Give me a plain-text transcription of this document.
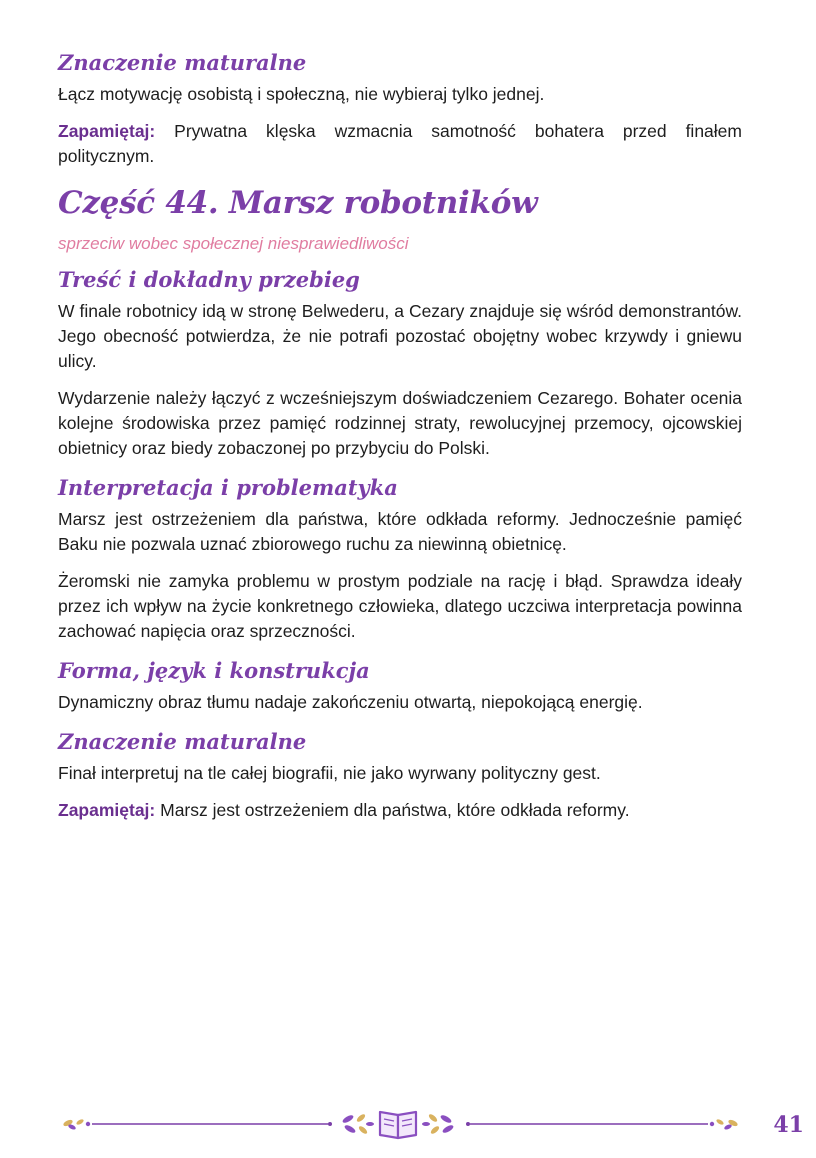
Znaczenie maturalne

Łącz motywację osobistą i społeczną, nie wybieraj tylko jednej.

Zapamiętaj: Prywatna klęska wzmacnia samotność bohatera przed finałem politycznym.

Część 44. Marsz robotników
sprzeciw wobec społecznej niesprawiedliwości
Treść i dokładny przebieg

W finale robotnicy idą w stronę Belwederu, a Cezary znajduje się wśród demonstrantów. Jego obecność potwierdza, że nie potrafi pozostać obojętny wobec krzywdy i gniewu ulicy.

Wydarzenie należy łączyć z wcześniejszym doświadczeniem Cezarego. Bohater ocenia kolejne środowiska przez pamięć rodzinnej straty, rewolucyjnej przemocy, ojcowskiej obietnicy oraz biedy zobaczonej po przybyciu do Polski.

Interpretacja i problematyka

Marsz jest ostrzeżeniem dla państwa, które odkłada reformy. Jednocześnie pamięć Baku nie pozwala uznać zbiorowego ruchu za niewinną obietnicę.

Żeromski nie zamyka problemu w prostym podziale na rację i błąd. Sprawdza ideały przez ich wpływ na życie konkretnego człowieka, dlatego uczciwa interpretacja powinna zachować napięcia oraz sprzeczności.

Forma, język i konstrukcja

Dynamiczny obraz tłumu nadaje zakończeniu otwartą, niepokojącą energię.

Znaczenie maturalne

Finał interpretuj na tle całej biografii, nie jako wyrwany polityczny gest.

Zapamiętaj: Marsz jest ostrzeżeniem dla państwa, które odkłada reformy.

41
